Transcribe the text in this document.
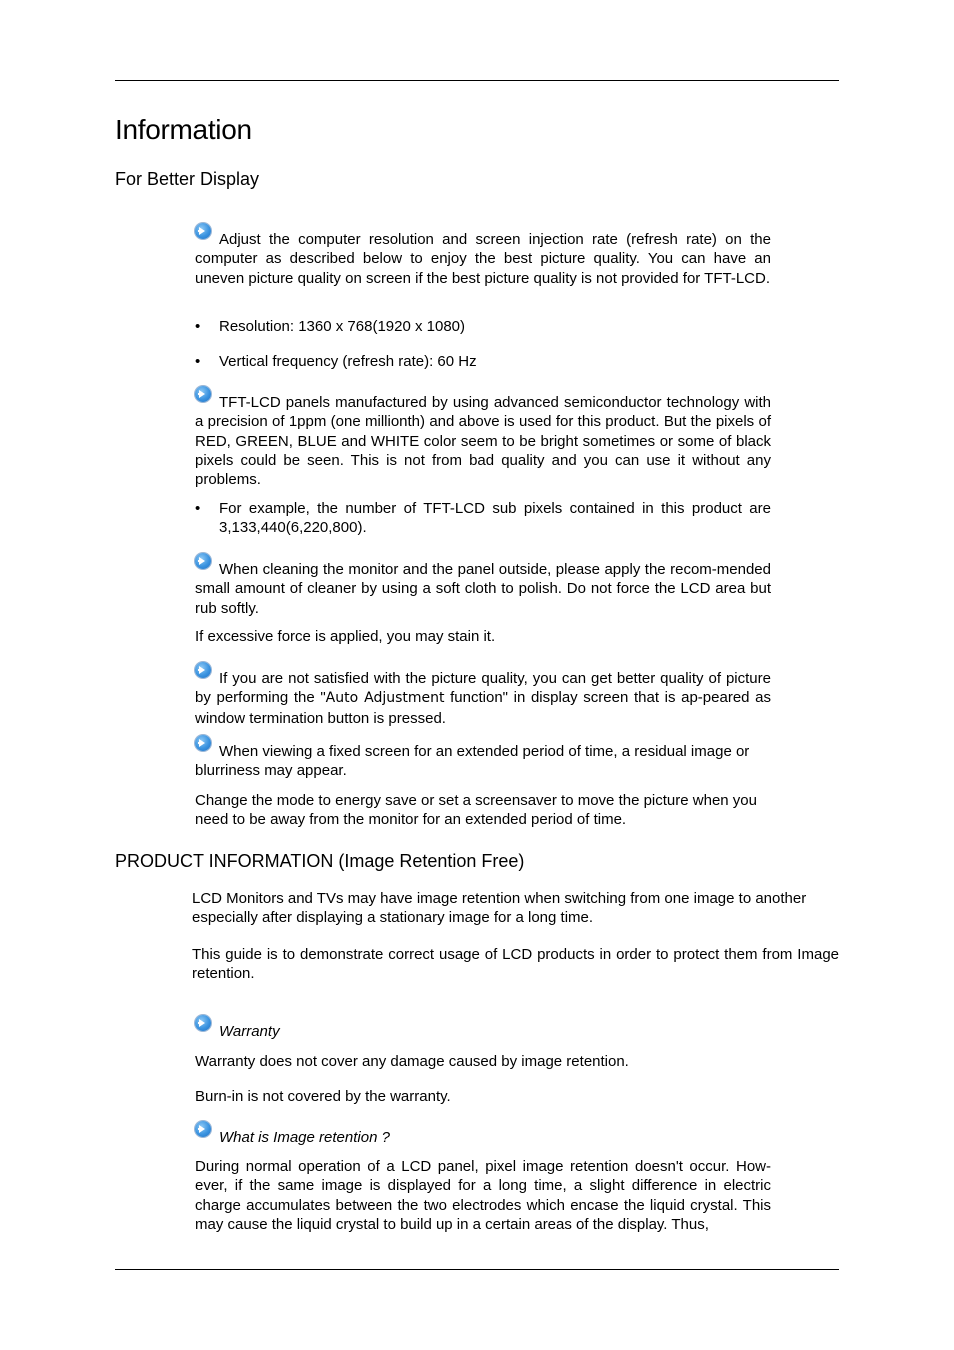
Information
For Better Display

Adjust the computer resolution and screen injection rate (refresh rate) on the computer as described below to enjoy the best picture quality. You can have an uneven picture quality on screen if the best picture quality is not provided for TFT-LCD.

• Resolution: 1360 x 768(1920 x 1080)
• Vertical frequency (refresh rate): 60 Hz

TFT-LCD panels manufactured by using advanced semiconductor technology with a precision of 1ppm (one millionth) and above is used for this product. But the pixels of RED, GREEN, BLUE and WHITE color seem to be bright sometimes or some of black pixels could be seen. This is not from bad quality and you can use it without any problems.

• For example, the number of TFT-LCD sub pixels contained in this product are 3,133,440(6,220,800).

When cleaning the monitor and the panel outside, please apply the recom-mended small amount of cleaner by using a soft cloth to polish. Do not force the LCD area but rub softly.

If excessive force is applied, you may stain it.

If you are not satisfied with the picture quality, you can get better quality of picture by performing the "Auto Adjustment function" in display screen that is ap-peared as window termination button is pressed.

When viewing a fixed screen for an extended period of time, a residual image or blurriness may appear.

Change the mode to energy save or set a screensaver to move the picture when you need to be away from the monitor for an extended period of time.

PRODUCT INFORMATION (Image Retention Free)

LCD Monitors and TVs may have image retention when switching from one image to another especially after displaying a stationary image for a long time.

This guide is to demonstrate correct usage of LCD products in order to protect them from Image retention.

Warranty

Warranty does not cover any damage caused by image retention.

Burn-in is not covered by the warranty.

What is Image retention ?

During normal operation of a LCD panel, pixel image retention doesn't occur. How-ever, if the same image is displayed for a long time, a slight difference in electric charge accumulates between the two electrodes which encase the liquid crystal. This may cause the liquid crystal to build up in a certain areas of the display. Thus,
